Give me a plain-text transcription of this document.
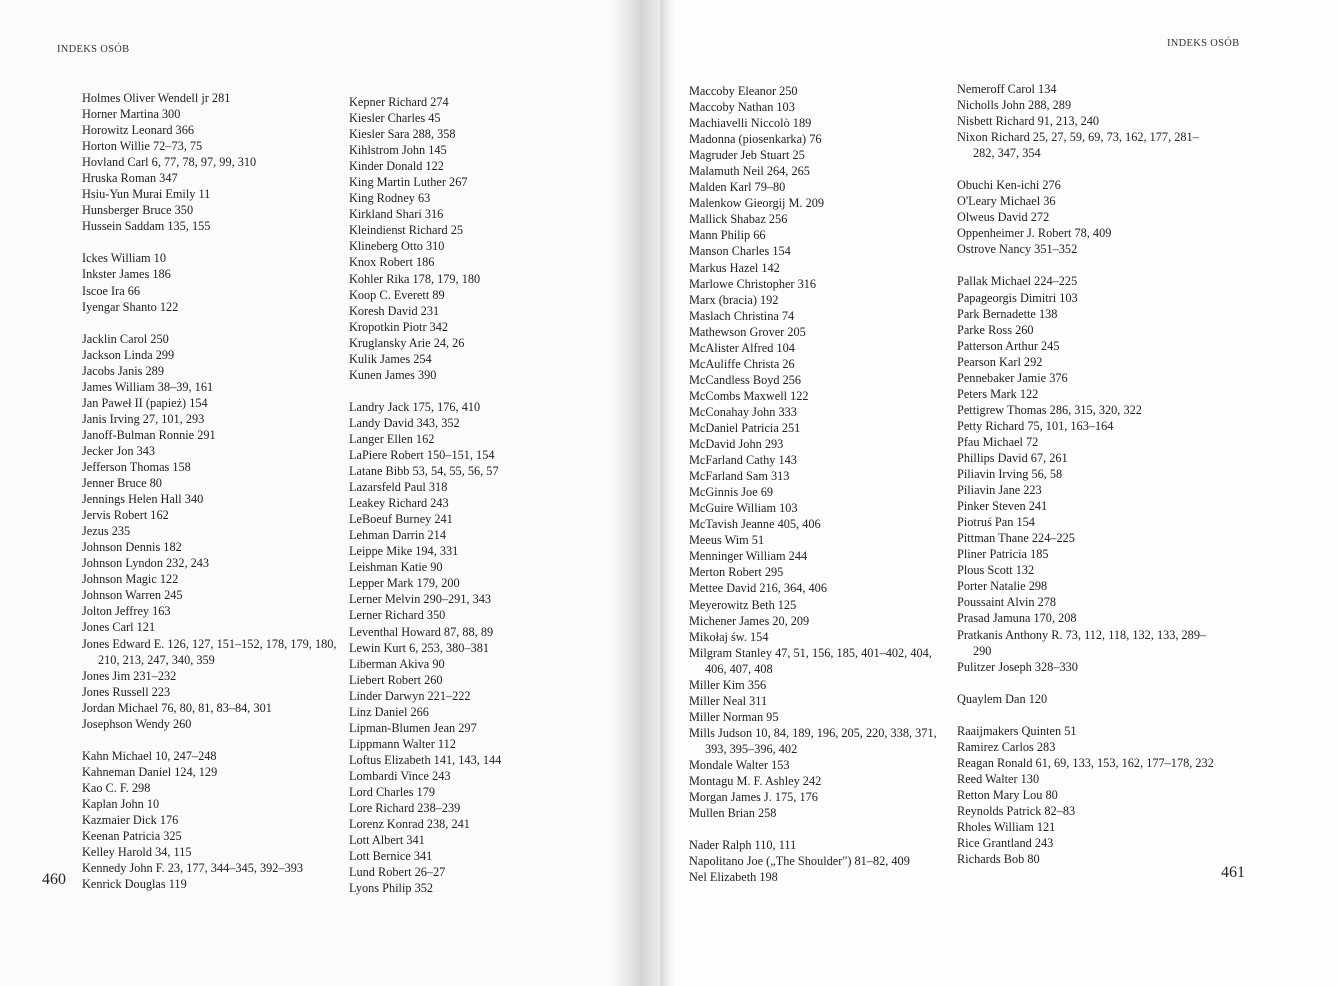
INDEKS OSÓB
INDEKS OSÓB
Holmes Oliver Wendell jr 281
Horner Martina 300
Horowitz Leonard 366
Horton Willie 72–73, 75
Hovland Carl 6, 77, 78, 97, 99, 310
Hruska Roman 347
Hsiu-Yun Murai Emily 11
Hunsberger Bruce 350
Hussein Saddam 135, 155
Ickes William 10
Inkster James 186
Iscoe Ira 66
Iyengar Shanto 122
Jacklin Carol 250
Jackson Linda 299
Jacobs Janis 289
James William 38–39, 161
Jan Paweł II (papież) 154
Janis Irving 27, 101, 293
Janoff-Bulman Ronnie 291
Jecker Jon 343
Jefferson Thomas 158
Jenner Bruce 80
Jennings Helen Hall 340
Jervis Robert 162
Jezus 235
Johnson Dennis 182
Johnson Lyndon 232, 243
Johnson Magic 122
Johnson Warren 245
Jolton Jeffrey 163
Jones Carl 121
Jones Edward E. 126, 127, 151–152, 178, 179, 180, 210, 213, 247, 340, 359
Jones Jim 231–232
Jones Russell 223
Jordan Michael 76, 80, 81, 83–84, 301
Josephson Wendy 260
Kahn Michael 10, 247–248
Kahneman Daniel 124, 129
Kao C. F. 298
Kaplan John 10
Kazmaier Dick 176
Keenan Patricia 325
Kelley Harold 34, 115
Kennedy John F. 23, 177, 344–345, 392–393
Kenrick Douglas 119
Kepner Richard 274
Kiesler Charles 45
Kiesler Sara 288, 358
Kihlstrom John 145
Kinder Donald 122
King Martin Luther 267
King Rodney 63
Kirkland Shari 316
Kleindienst Richard 25
Klineberg Otto 310
Knox Robert 186
Kohler Rika 178, 179, 180
Koop C. Everett 89
Koresh David 231
Kropotkin Piotr 342
Kruglansky Arie 24, 26
Kulik James 254
Kunen James 390
Landry Jack 175, 176, 410
Landy David 343, 352
Langer Ellen 162
LaPiere Robert 150–151, 154
Latane Bibb 53, 54, 55, 56, 57
Lazarsfeld Paul 318
Leakey Richard 243
LeBoeuf Burney 241
Lehman Darrin 214
Leippe Mike 194, 331
Leishman Katie 90
Lepper Mark 179, 200
Lerner Melvin 290–291, 343
Lerner Richard 350
Leventhal Howard 87, 88, 89
Lewin Kurt 6, 253, 380–381
Liberman Akiva 90
Liebert Robert 260
Linder Darwyn 221–222
Linz Daniel 266
Lipman-Blumen Jean 297
Lippmann Walter 112
Loftus Elizabeth 141, 143, 144
Lombardi Vince 243
Lord Charles 179
Lore Richard 238–239
Lorenz Konrad 238, 241
Lott Albert 341
Lott Bernice 341
Lund Robert 26–27
Lyons Philip 352
Maccoby Eleanor 250
Maccoby Nathan 103
Machiavelli Niccolò 189
Madonna (piosenkarka) 76
Magruder Jeb Stuart 25
Malamuth Neil 264, 265
Malden Karl 79–80
Malenkow Gieorgij M. 209
Mallick Shabaz 256
Mann Philip 66
Manson Charles 154
Markus Hazel 142
Marlowe Christopher 316
Marx (bracia) 192
Maslach Christina 74
Mathewson Grover 205
McAlister Alfred 104
McAuliffe Christa 26
McCandless Boyd 256
McCombs Maxwell 122
McConahay John 333
McDaniel Patricia 251
McDavid John 293
McFarland Cathy 143
McFarland Sam 313
McGinnis Joe 69
McGuire William 103
McTavish Jeanne 405, 406
Meeus Wim 51
Menninger William 244
Merton Robert 295
Mettee David 216, 364, 406
Meyerowitz Beth 125
Michener James 20, 209
Mikołaj św. 154
Milgram Stanley 47, 51, 156, 185, 401–402, 404, 406, 407, 408
Miller Kim 356
Miller Neal 311
Miller Norman 95
Mills Judson 10, 84, 189, 196, 205, 220, 338, 371, 393, 395–396, 402
Mondale Walter 153
Montagu M. F. Ashley 242
Morgan James J. 175, 176
Mullen Brian 258
Nader Ralph 110, 111
Napolitano Joe („The Shoulder") 81–82, 409
Nel Elizabeth 198
Nemeroff Carol 134
Nicholls John 288, 289
Nisbett Richard 91, 213, 240
Nixon Richard 25, 27, 59, 69, 73, 162, 177, 281–282, 347, 354
Obuchi Ken-ichi 276
O'Leary Michael 36
Olweus David 272
Oppenheimer J. Robert 78, 409
Ostrove Nancy 351–352
Pallak Michael 224–225
Papageorgis Dimitri 103
Park Bernadette 138
Parke Ross 260
Patterson Arthur 245
Pearson Karl 292
Pennebaker Jamie 376
Peters Mark 122
Pettigrew Thomas 286, 315, 320, 322
Petty Richard 75, 101, 163–164
Pfau Michael 72
Phillips David 67, 261
Piliavin Irving 56, 58
Piliavin Jane 223
Pinker Steven 241
Piotruś Pan 154
Pittman Thane 224–225
Pliner Patricia 185
Plous Scott 132
Porter Natalie 298
Poussaint Alvin 278
Prasad Jamuna 170, 208
Pratkanis Anthony R. 73, 112, 118, 132, 133, 289–290
Pulitzer Joseph 328–330
Quaylem Dan 120
Raaijmakers Quinten 51
Ramirez Carlos 283
Reagan Ronald 61, 69, 133, 153, 162, 177–178, 232
Reed Walter 130
Retton Mary Lou 80
Reynolds Patrick 82–83
Rholes William 121
Rice Grantland 243
Richards Bob 80
460	461
